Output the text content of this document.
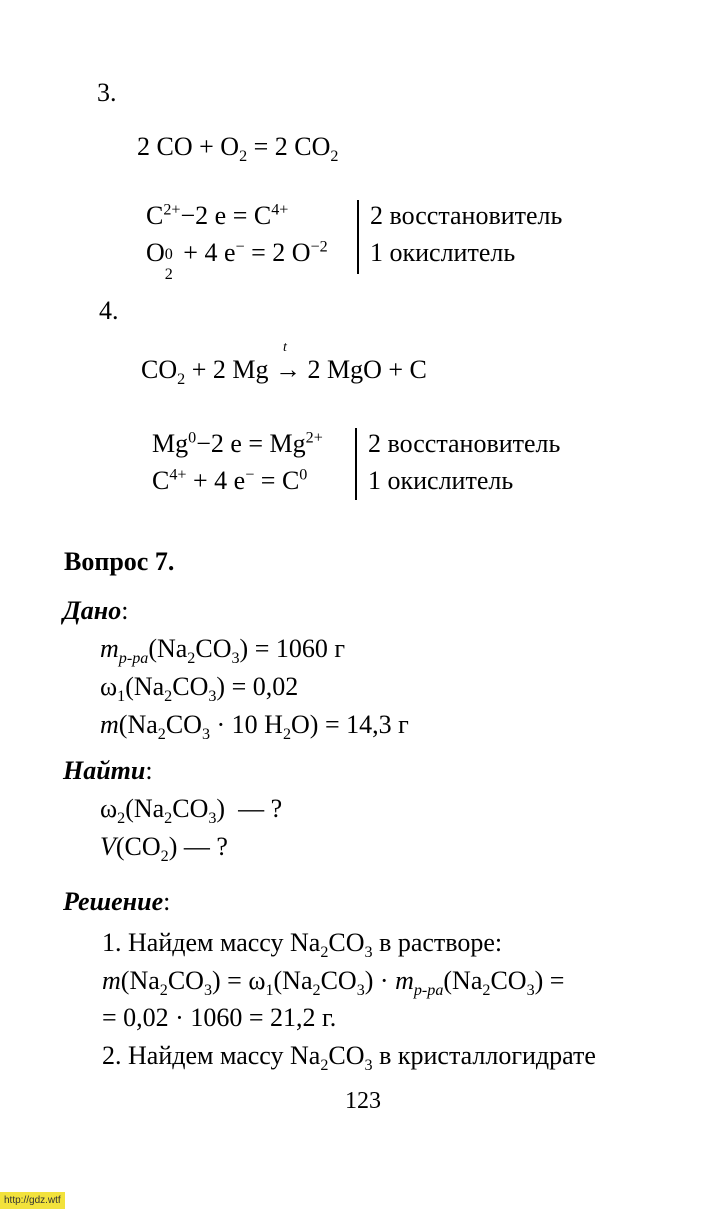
3.
2 CO + $O_2 = 2$ $CO_2$
$C^{2+}-2$ $e = C^{4+}$
O 0
2
+ 4 e− = 2 $O^{-2}$
2 восстановитель
1 окислитель
4.
$CO_2 + 2$ Mg
t
→ 2 MgO + C
$Mg^0-2$ $e = Mg^{2+}$
$C^{4+} + 4$ $e^- = C^0$
2 восстановитель
1 окислитель
Вопрос 7.
Дано:
$m_{р-ра}(Na_2CO_3) = 1060$ г
$\omega_1(Na_2CO_3) = 0,02$
$m(Na_2CO_3 \cdot 10$ $H_2O) = 14,3$ г
Найти:
$\omega_2(Na_2CO_3)$  — ?
$V(CO_2)$ — ?
Решение:
1. Найдем массу $Na_2CO_3$ в растворе:
$m(Na_2CO_3) = \omega_1(Na_2CO_3) \cdot m_{р-ра}(Na_2CO_3)$ =
= 0,02 · 1060 = 21,2 г.
2. Найдем массу $Na_2CO_3$ в кристаллогидрате
123
http://gdz.wtf
